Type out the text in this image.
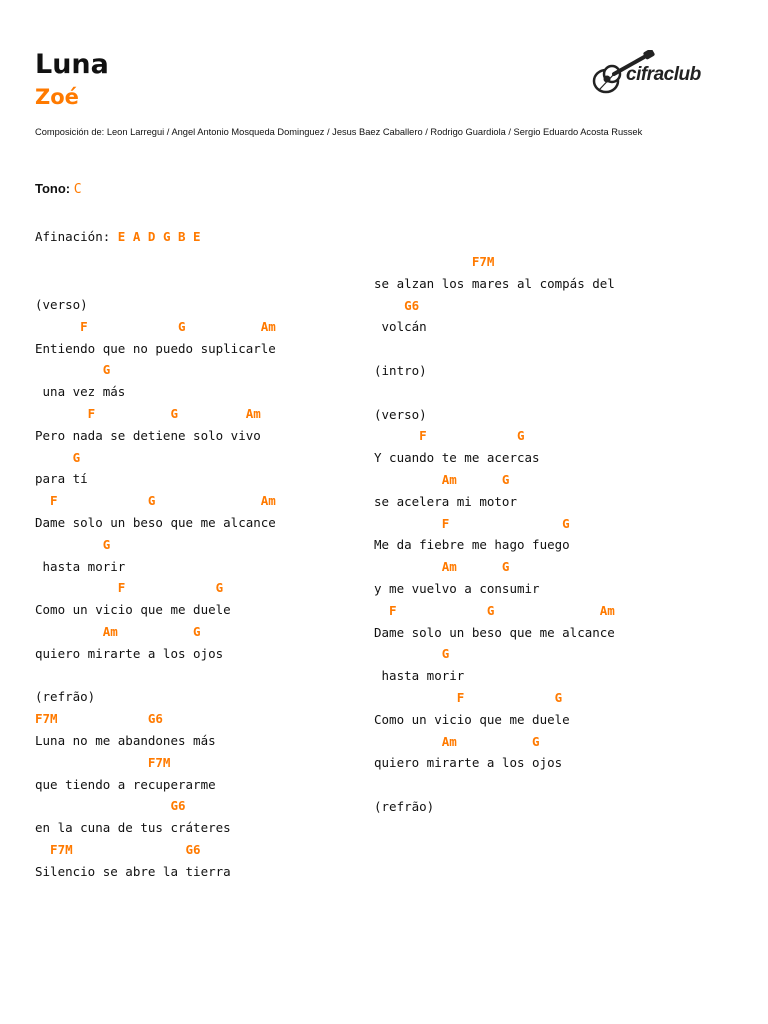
Luna
Zoé
cifraclub
Composición de: Leon Larregui / Angel Antonio Mosqueda Dominguez / Jesus Baez Caballero / Rodrigo Guardiola / Sergio Eduardo Acosta Russek
Tono: C
Afinación: E A D G B E
(verso)
F            G          Am
Entiendo que no puedo suplicarle
G
una vez más
F          G         Am
Pero nada se detiene solo vivo
G
para tí
F            G              Am
Dame solo un beso que me alcance
G
hasta morir
F            G
Como un vicio que me duele
Am          G
quiero mirarte a los ojos
(refrão)
F7M            G6
Luna no me abandones más
F7M
que tiendo a recuperarme
G6
en la cuna de tus cráteres
F7M               G6
Silencio se abre la tierra
F7M
se alzan los mares al compás del
G6
volcán
(intro)
(verso)
F            G
Y cuando te me acercas
Am      G
se acelera mi motor
F               G
Me da fiebre me hago fuego
Am      G
y me vuelvo a consumir
F            G              Am
Dame solo un beso que me alcance
G
hasta morir
F            G
Como un vicio que me duele
Am          G
quiero mirarte a los ojos
(refrão)
